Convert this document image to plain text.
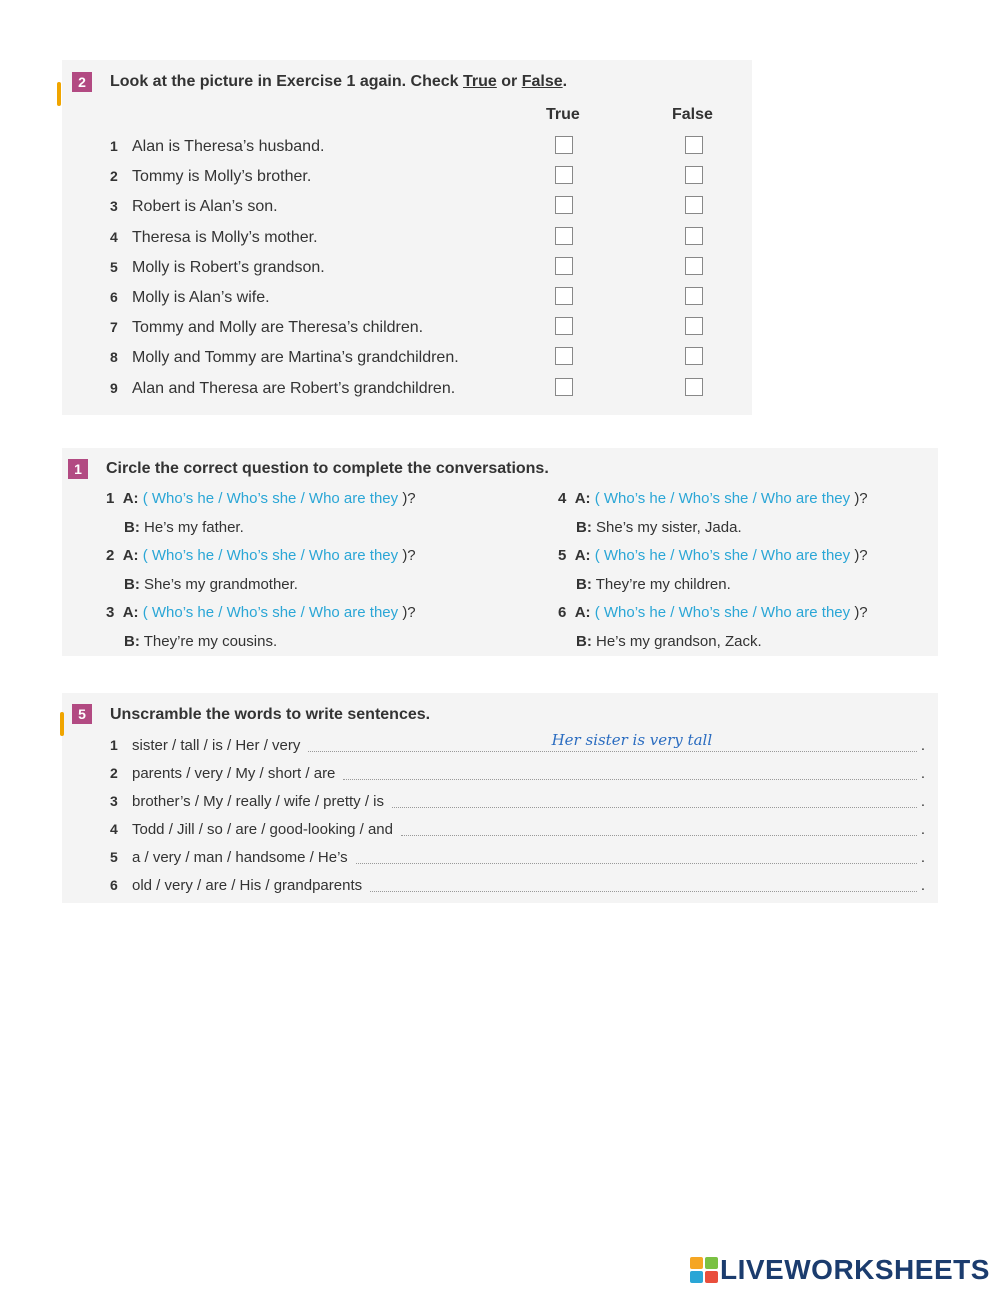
2	Look at the picture in Exercise 1 again. Check True or False.
True	False
1 Alan is Theresa’s husband.
2 Tommy is Molly’s brother.
3 Robert is Alan’s son.
4 Theresa is Molly’s mother.
5 Molly is Robert’s grandson.
6 Molly is Alan’s wife.
7 Tommy and Molly are Theresa’s children.
8 Molly and Tommy are Martina’s grandchildren.
9 Alan and Theresa are Robert’s grandchildren.
1	Circle the correct question to complete the conversations.
1 A: ( Who’s he / Who’s she / Who are they )?
B: He’s my father.
2 A: ( Who’s he / Who’s she / Who are they )?
B: She’s my grandmother.
3 A: ( Who’s he / Who’s she / Who are they )?
B: They’re my cousins.
4 A: ( Who’s he / Who’s she / Who are they )?
B: She’s my sister, Jada.
5 A: ( Who’s he / Who’s she / Who are they )?
B: They’re my children.
6 A: ( Who’s he / Who’s she / Who are they )?
B: He’s my grandson, Zack.
5	Unscramble the words to write sentences.
1 sister / tall / is / Her / very	Her sister is very tall	.
2 parents / very / My / short / are	.
3 brother’s / My / really / wife / pretty / is	.
4 Todd / Jill / so / are / good-looking / and	.
5 a / very / man / handsome / He’s	.
6 old / very / are / His / grandparents	.
LIVEWORKSHEETS
